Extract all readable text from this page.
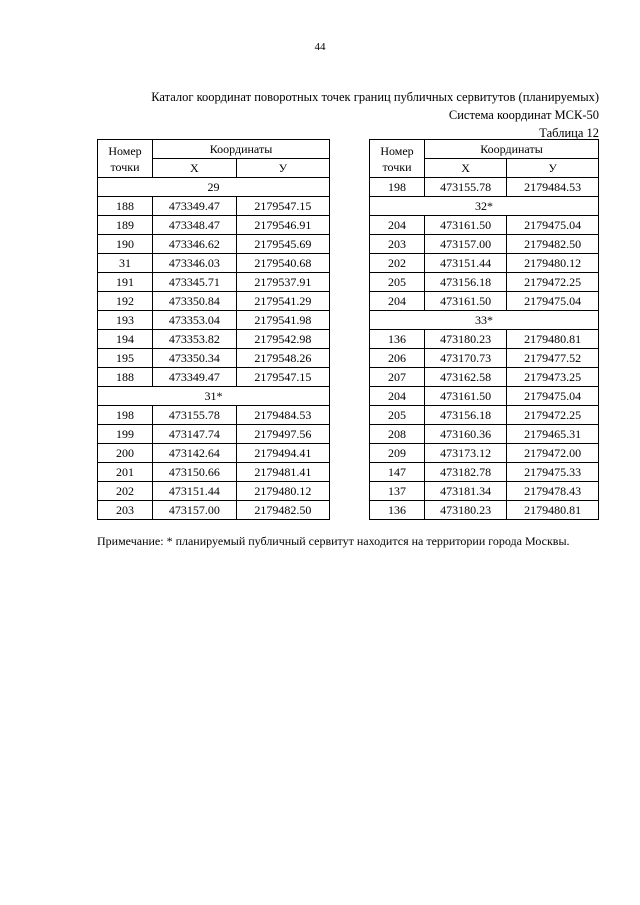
44
Каталог координат поворотных точек границ публичных сервитутов (планируемых)
Система координат МСК-50
Таблица 12
Номер
точки	Координаты	
	X	У
29		
188	473349.47	2179547.15
189	473348.47	2179546.91
190	473346.62	2179545.69
31	473346.03	2179540.68
191	473345.71	2179537.91
192	473350.84	2179541.29
193	473353.04	2179541.98
194	473353.82	2179542.98
195	473350.34	2179548.26
188	473349.47	2179547.15
31*		
198	473155.78	2179484.53
199	473147.74	2179497.56
200	473142.64	2179494.41
201	473150.66	2179481.41
202	473151.44	2179480.12
203	473157.00	2179482.50
Номер
точки	Координаты	
	X	У
198	473155.78	2179484.53
32*		
204	473161.50	2179475.04
203	473157.00	2179482.50
202	473151.44	2179480.12
205	473156.18	2179472.25
204	473161.50	2179475.04
33*		
136	473180.23	2179480.81
206	473170.73	2179477.52
207	473162.58	2179473.25
204	473161.50	2179475.04
205	473156.18	2179472.25
208	473160.36	2179465.31
209	473173.12	2179472.00
147	473182.78	2179475.33
137	473181.34	2179478.43
136	473180.23	2179480.81
Примечание: * планируемый публичный сервитут находится на территории города Москвы.
